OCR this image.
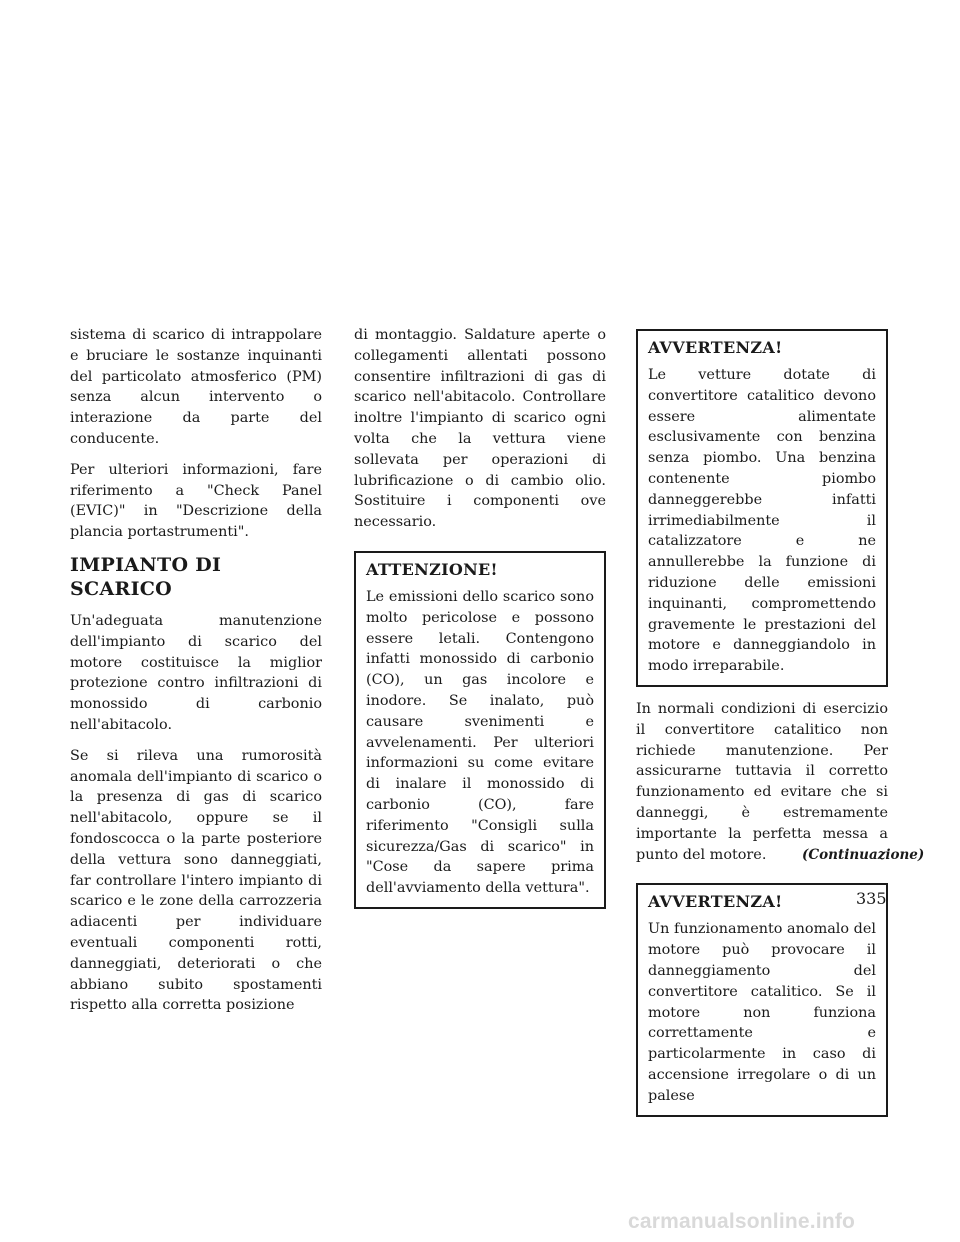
sistema di scarico di intrappolare e bruciare le sostanze inquinanti del particolato atmosferico (PM) senza alcun intervento o interazione da parte del conducente.

Per ulteriori informazioni, fare riferimento a "Check Panel (EVIC)" in "Descrizione della plancia portastrumenti".

IMPIANTO DI SCARICO

Un'adeguata manutenzione dell'impianto di scarico del motore costituisce la miglior protezione contro infiltrazioni di monossido di carbonio nell'abitacolo.

Se si rileva una rumorosità anomala dell'impianto di scarico o la presenza di gas di scarico nell'abitacolo, oppure se il fondoscocca o la parte posteriore della vettura sono danneggiati, far controllare l'intero impianto di scarico e le zone della carrozzeria adiacenti per individuare eventuali componenti rotti, danneggiati, deteriorati o che abbiano subito spostamenti rispetto alla corretta posizione

di montaggio. Saldature aperte o collegamenti allentati possono consentire infiltrazioni di gas di scarico nell'abitacolo. Controllare inoltre l'impianto di scarico ogni volta che la vettura viene sollevata per operazioni di lubrificazione o di cambio olio. Sostituire i componenti ove necessario.

ATTENZIONE!

Le emissioni dello scarico sono molto pericolose e possono essere letali. Contengono infatti monossido di carbonio (CO), un gas incolore e inodore. Se inalato, può causare svenimenti e avvelenamenti. Per ulteriori informazioni su come evitare di inalare il monossido di carbonio (CO), fare riferimento "Consigli sulla sicurezza/Gas di scarico" in "Cose da sapere prima dell'avviamento della vettura".

AVVERTENZA!

Le vetture dotate di convertitore catalitico devono essere alimentate esclusivamente con benzina senza piombo. Una benzina contenente piombo danneggerebbe infatti irrimediabilmente il catalizzatore e ne annullerebbe la funzione di riduzione delle emissioni inquinanti, compromettendo gravemente le prestazioni del motore e danneggiandolo in modo irreparabile.

In normali condizioni di esercizio il convertitore catalitico non richiede manutenzione. Per assicurarne tuttavia il corretto funzionamento ed evitare che si danneggi, è estremamente importante la perfetta messa a punto del motore.

AVVERTENZA!

Un funzionamento anomalo del motore può provocare il danneggiamento del convertitore catalitico. Se il motore non funziona correttamente e particolarmente in caso di accensione irregolare o di un palese

(Continuazione)
335
carmanualsonline.info
